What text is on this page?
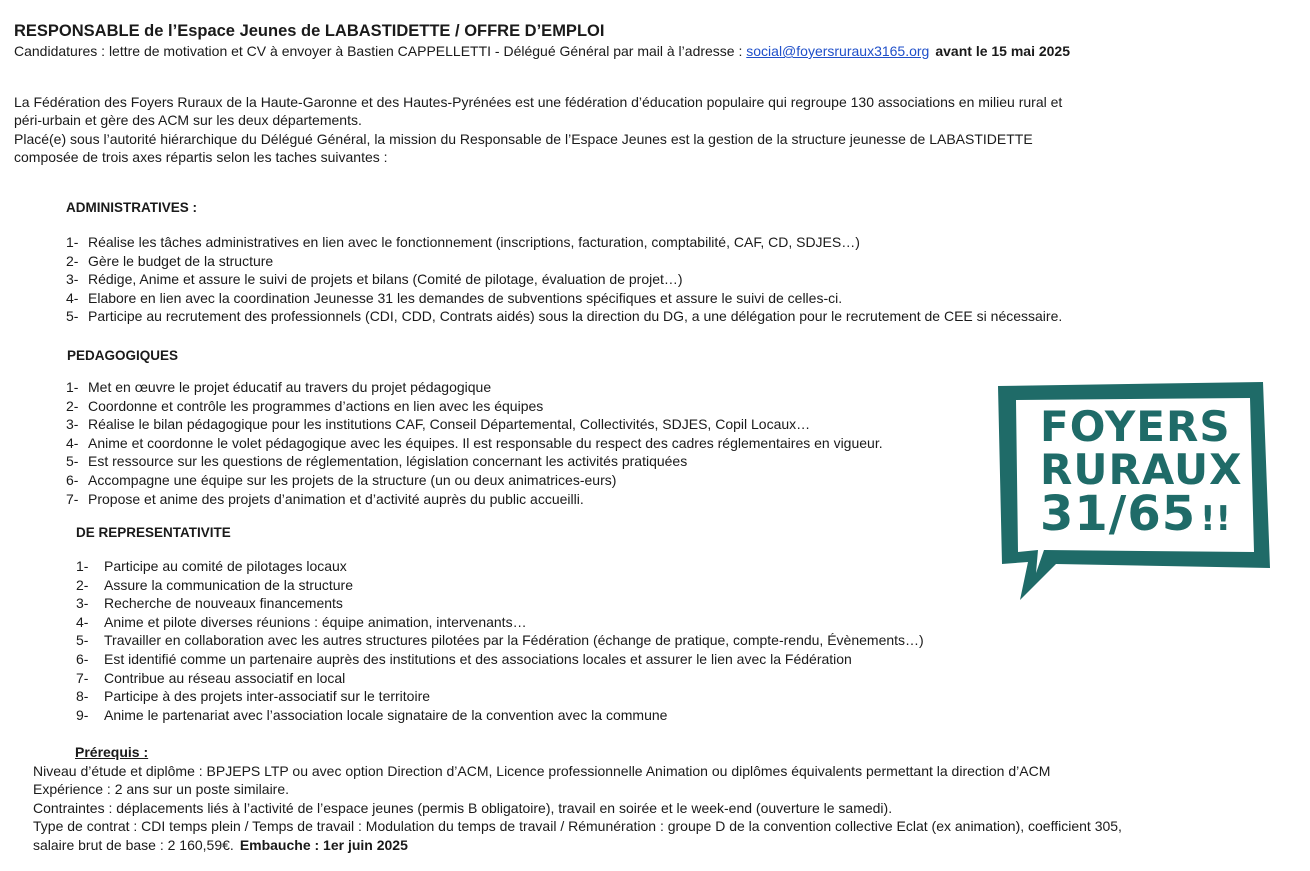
RESPONSABLE de l’Espace Jeunes de LABASTIDETTE / OFFRE D’EMPLOI
Candidatures : lettre de motivation et CV à envoyer à Bastien CAPPELLETTI - Délégué Général par mail à l’adresse : social@foyersruraux3165.org avant le 15 mai 2025

La Fédération des Foyers Ruraux de la Haute-Garonne et des Hautes-Pyrénées est une fédération d’éducation populaire qui regroupe 130 associations en milieu rural et

péri-urbain et gère des ACM sur les deux départements.

Placé(e) sous l’autorité hiérarchique du Délégué Général, la mission du Responsable de l’Espace Jeunes est la gestion de la structure jeunesse de LABASTIDETTE

composée de trois axes répartis selon les taches suivantes :

ADMINISTRATIVES :
1- Réalise les tâches administratives en lien avec le fonctionnement (inscriptions, facturation, comptabilité, CAF, CD, SDJES…)
2- Gère le budget de la structure
3- Rédige, Anime et assure le suivi de projets et bilans (Comité de pilotage, évaluation de projet…)
4- Elabore en lien avec la coordination Jeunesse 31 les demandes de subventions spécifiques et assure le suivi de celles-ci.
5- Participe au recrutement des professionnels (CDI, CDD, Contrats aidés) sous la direction du DG, a une délégation pour le recrutement de CEE si nécessaire.
PEDAGOGIQUES
1- Met en œuvre le projet éducatif au travers du projet pédagogique
2- Coordonne et contrôle les programmes d’actions en lien avec les équipes
3- Réalise le bilan pédagogique pour les institutions CAF, Conseil Départemental, Collectivités, SDJES, Copil Locaux…
4- Anime et coordonne le volet pédagogique avec les équipes. Il est responsable du respect des cadres réglementaires en vigueur.
5- Est ressource sur les questions de réglementation, législation concernant les activités pratiquées
6- Accompagne une équipe sur les projets de la structure (un ou deux animatrices-eurs)
7- Propose et anime des projets d’animation et d’activité auprès du public accueilli.
DE REPRESENTATIVITE
1-	Participe au comité de pilotages locaux
2-	Assure la communication de la structure
3-	Recherche de nouveaux financements
4-	Anime et pilote diverses réunions : équipe animation, intervenants…
5-	Travailler en collaboration avec les autres structures pilotées par la Fédération (échange de pratique, compte-rendu, Évènements…)
6-	Est identifié comme un partenaire auprès des institutions et des associations locales et assurer le lien avec la Fédération
7-	Contribue au réseau associatif en local
8-	Participe à des projets inter-associatif sur le territoire
9-	Anime le partenariat avec l’association locale signataire de la convention avec la commune
Prérequis :

Niveau d’étude et diplôme : BPJEPS LTP ou avec option Direction d’ACM, Licence professionnelle Animation ou diplômes équivalents permettant la direction d’ACM

Expérience : 2 ans sur un poste similaire.

Contraintes : déplacements liés à l’activité de l’espace jeunes (permis B obligatoire), travail en soirée et le week-end (ouverture le samedi).

Type de contrat : CDI temps plein / Temps de travail : Modulation du temps de travail / Rémunération : groupe D de la convention collective Eclat (ex animation), coefficient 305,

salaire brut de base : 2 160,59€. Embauche : 1er juin 2025

FOYERS
RURAUX
31/65 !!
